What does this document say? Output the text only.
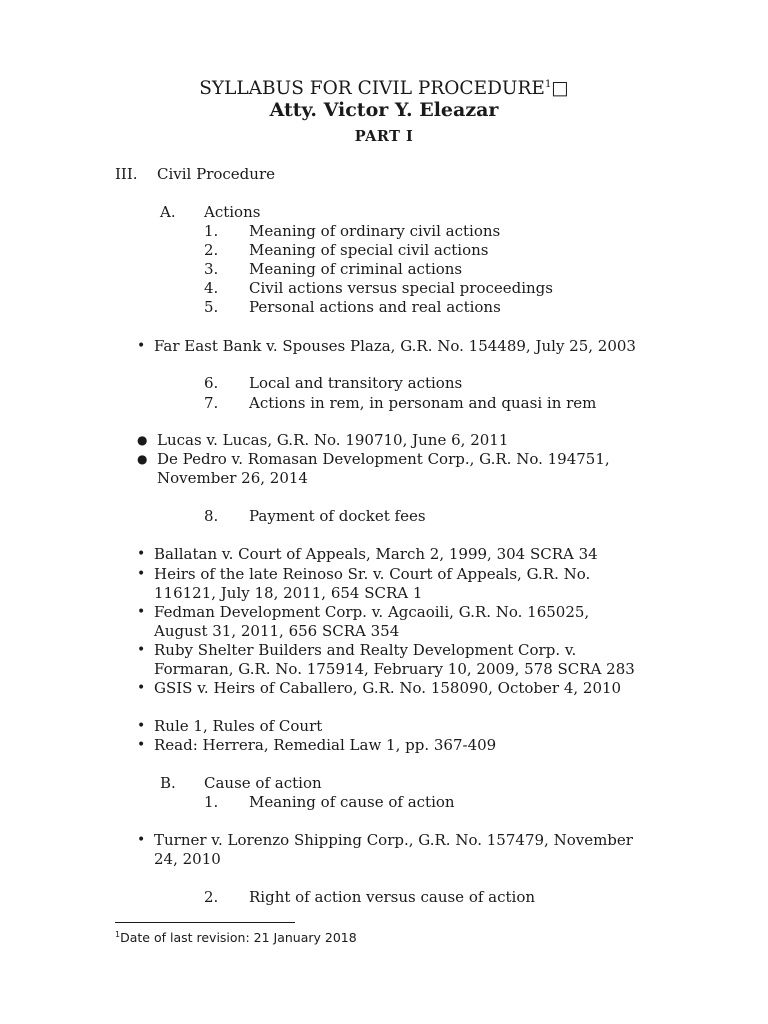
SYLLABUS FOR CIVIL PROCEDURE$^1$□
Atty. Victor Y. Eleazar
PART I
III. Civil Procedure
A. Actions
1. Meaning of ordinary civil actions
2. Meaning of special civil actions
3. Meaning of criminal actions
4. Civil actions versus special proceedings
5. Personal actions and real actions
• Far East Bank v. Spouses Plaza, G.R. No. 154489, July 25, 2003
6. Local and transitory actions
7. Actions in rem, in personam and quasi in rem
● Lucas v. Lucas, G.R. No. 190710, June 6, 2011
● De Pedro v. Romasan Development Corp., G.R. No. 194751,
November 26, 2014
8. Payment of docket fees
• Ballatan v. Court of Appeals, March 2, 1999, 304 SCRA 34
• Heirs of the late Reinoso Sr. v. Court of Appeals, G.R. No.
116121, July 18, 2011, 654 SCRA 1
• Fedman Development Corp. v. Agcaoili, G.R. No. 165025,
August 31, 2011, 656 SCRA 354
• Ruby Shelter Builders and Realty Development Corp. v.
Formaran, G.R. No. 175914, February 10, 2009, 578 SCRA 283
• GSIS v. Heirs of Caballero, G.R. No. 158090, October 4, 2010
• Rule 1, Rules of Court
• Read: Herrera, Remedial Law 1, pp. 367-409
B. Cause of action
1. Meaning of cause of action
• Turner v. Lorenzo Shipping Corp., G.R. No. 157479, November
24, 2010
2. Right of action versus cause of action
$^1$Date of last revision: 21 January 2018
